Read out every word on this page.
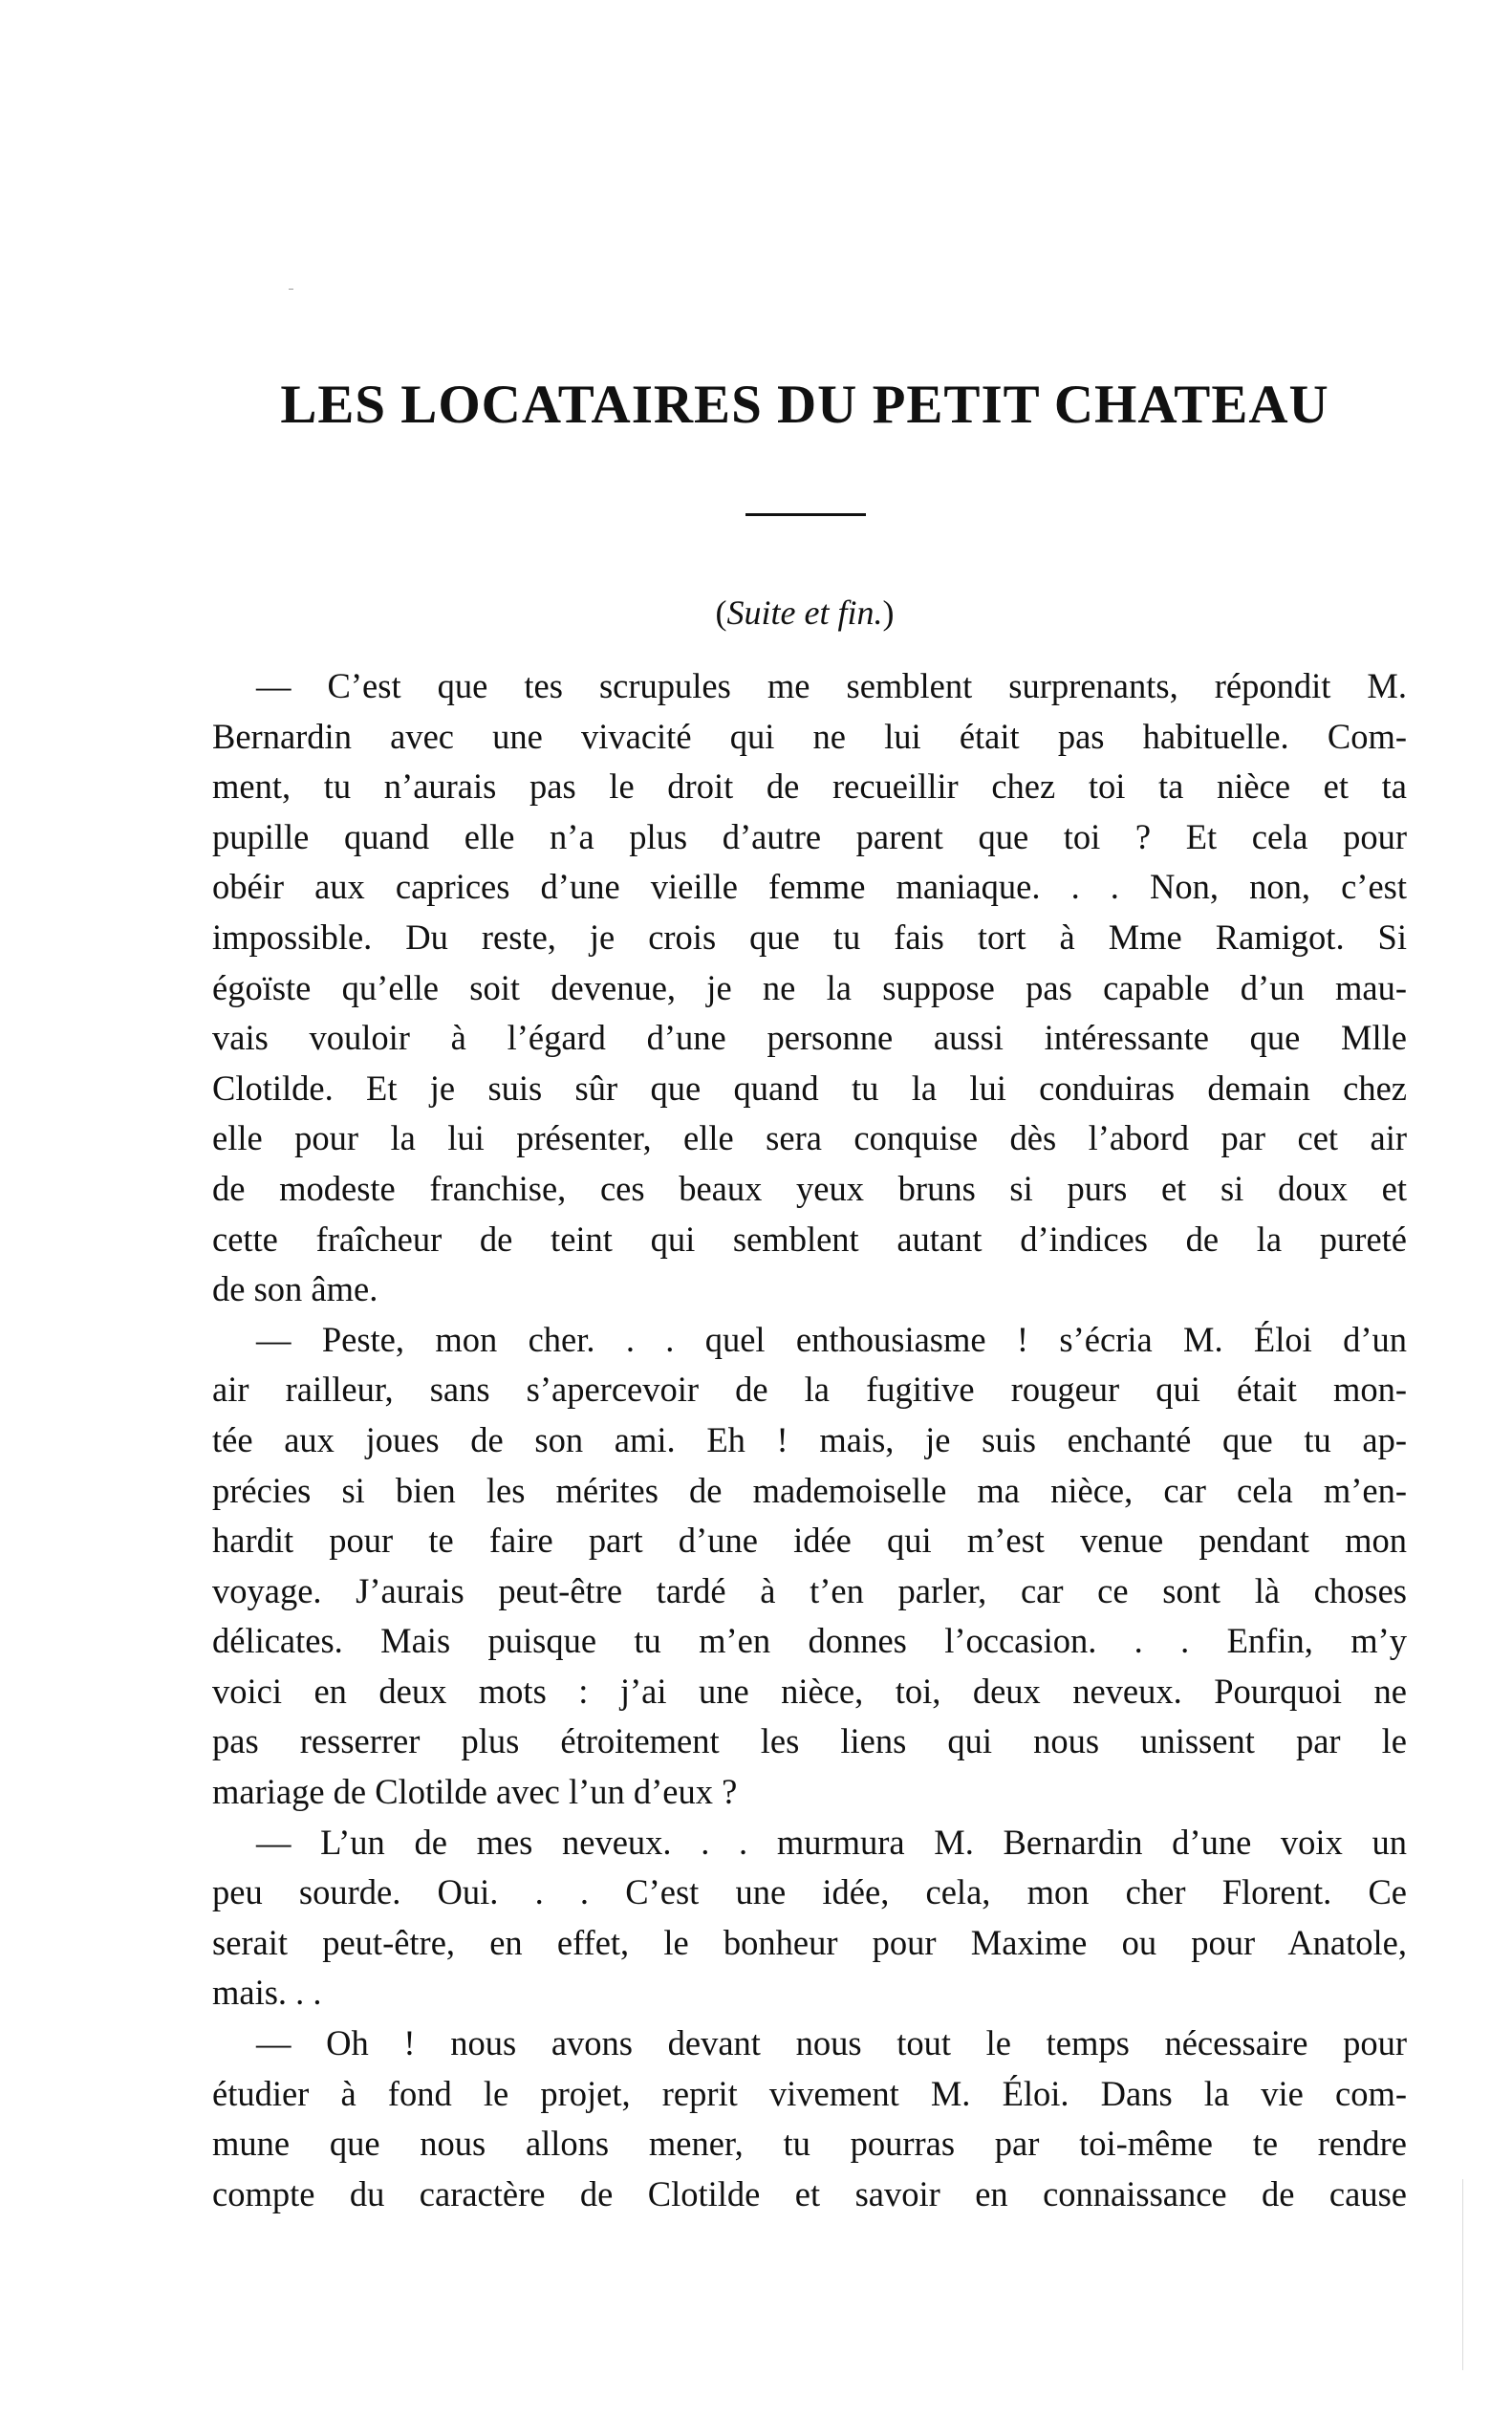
LES LOCATAIRES DU PETIT CHATEAU
(Suite et fin.)
— C’est que tes scrupules me semblent surprenants, répondit M.
Bernardin avec une vivacité qui ne lui était pas habituelle. Com-
ment, tu n’aurais pas le droit de recueillir chez toi ta nièce et ta
pupille quand elle n’a plus d’autre parent que toi ? Et cela pour
obéir aux caprices d’une vieille femme maniaque. . . Non, non, c’est
impossible. Du reste, je crois que tu fais tort à Mme Ramigot. Si
égoïste qu’elle soit devenue, je ne la suppose pas capable d’un mau-
vais vouloir à l’égard d’une personne aussi intéressante que Mlle
Clotilde. Et je suis sûr que quand tu la lui conduiras demain chez
elle pour la lui présenter, elle sera conquise dès l’abord par cet air
de modeste franchise, ces beaux yeux bruns si purs et si doux et
cette fraîcheur de teint qui semblent autant d’indices de la pureté
de son âme.
— Peste, mon cher. . . quel enthousiasme ! s’écria M. Éloi d’un
air railleur, sans s’apercevoir de la fugitive rougeur qui était mon-
tée aux joues de son ami. Eh ! mais, je suis enchanté que tu ap-
précies si bien les mérites de mademoiselle ma nièce, car cela m’en-
hardit pour te faire part d’une idée qui m’est venue pendant mon
voyage. J’aurais peut-être tardé à t’en parler, car ce sont là choses
délicates. Mais puisque tu m’en donnes l’occasion. . . Enfin, m’y
voici en deux mots : j’ai une nièce, toi, deux neveux. Pourquoi ne
pas resserrer plus étroitement les liens qui nous unissent par le
mariage de Clotilde avec l’un d’eux ?
— L’un de mes neveux. . . murmura M. Bernardin d’une voix un
peu sourde. Oui. . . C’est une idée, cela, mon cher Florent. Ce
serait peut-être, en effet, le bonheur pour Maxime ou pour Anatole,
mais. . .
— Oh ! nous avons devant nous tout le temps nécessaire pour
étudier à fond le projet, reprit vivement M. Éloi. Dans la vie com-
mune que nous allons mener, tu pourras par toi-même te rendre
compte du caractère de Clotilde et savoir en connaissance de cause
